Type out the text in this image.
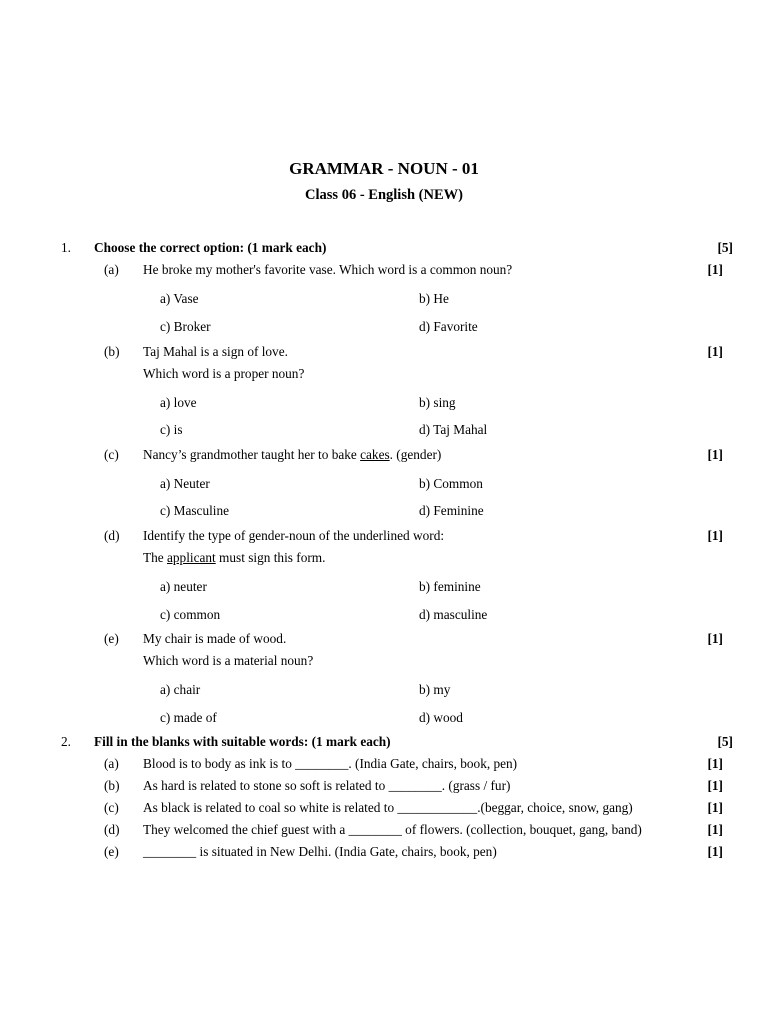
GRAMMAR - NOUN - 01
Class 06 - English (NEW)
1. Choose the correct option: (1 mark each)	[5]
(a) He broke my mother's favorite vase. Which word is a common noun?	[1]
a) Vase	b) He
c) Broker	d) Favorite
(b) Taj Mahal is a sign of love.	[1]
Which word is a proper noun?
a) love	b) sing
c) is	d) Taj Mahal
(c) Nancy’s grandmother taught her to bake cakes. (gender)	[1]
a) Neuter	b) Common
c) Masculine	d) Feminine
(d) Identify the type of gender-noun of the underlined word:	[1]
The applicant must sign this form.
a) neuter	b) feminine
c) common	d) masculine
(e) My chair is made of wood.	[1]
Which word is a material noun?
a) chair	b) my
c) made of	d) wood
2. Fill in the blanks with suitable words: (1 mark each)	[5]
(a) Blood is to body as ink is to ________. (India Gate, chairs, book, pen)	[1]
(b) As hard is related to stone so soft is related to ________. (grass / fur)	[1]
(c) As black is related to coal so white is related to ____________.(beggar, choice, snow, gang)	[1]
(d) They welcomed the chief guest with a ________ of flowers. (collection, bouquet, gang, band)	[1]
(e) ________ is situated in New Delhi. (India Gate, chairs, book, pen)	[1]
